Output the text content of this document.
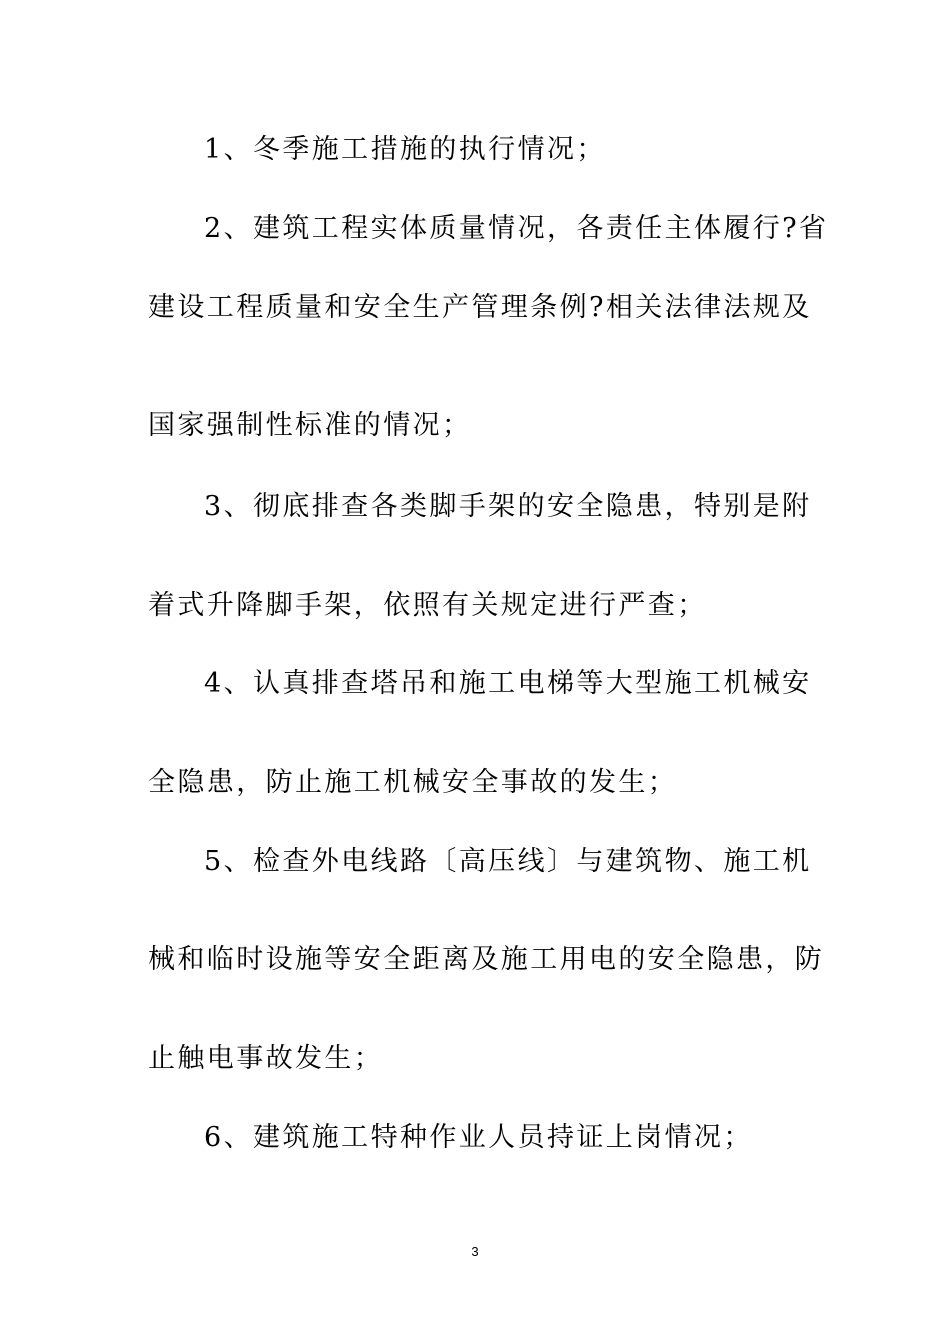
1、冬季施工措施的执行情况；
2、建筑工程实体质量情况，各责任主体履行?省
建设工程质量和安全生产管理条例?相关法律法规及
国家强制性标准的情况；
3、彻底排查各类脚手架的安全隐患，特别是附
着式升降脚手架，依照有关规定进行严查；
4、认真排查塔吊和施工电梯等大型施工机械安
全隐患，防止施工机械安全事故的发生；
5、检查外电线路〔高压线〕与建筑物、施工机
械和临时设施等安全距离及施工用电的安全隐患，防
止触电事故发生；
6、建筑施工特种作业人员持证上岗情况；
3
